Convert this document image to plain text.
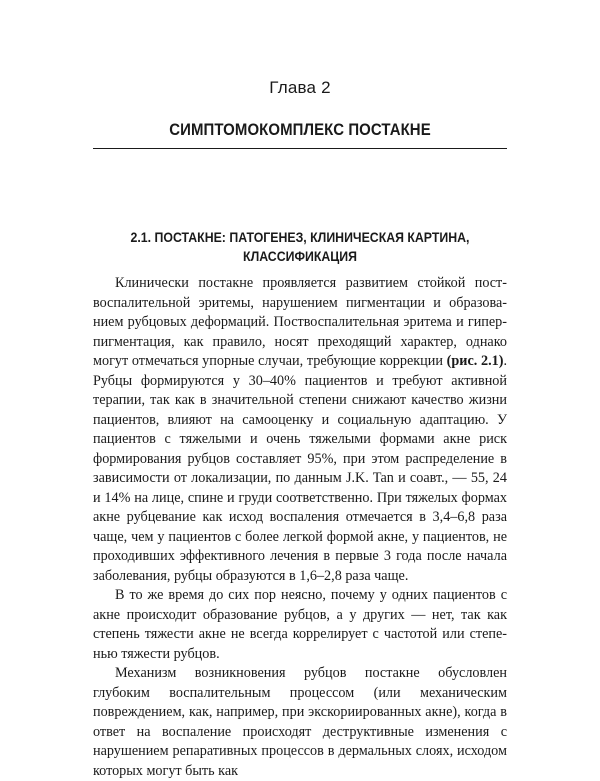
Глава 2
СИМПТОМОКОМПЛЕКС ПОСТАКНЕ
2.1. ПОСТАКНЕ: ПАТОГЕНЕЗ, КЛИНИЧЕСКАЯ КАРТИНА,
КЛАССИФИКАЦИЯ

Клинически постакне проявляется развитием стойкой поствоспалительной эритемы, нарушением пигментации и образованием рубцовых деформаций. Поствоспалительная эритема и гиперпигментация, как правило, носят преходящий характер, однако могут отмечаться упорные случаи, требующие коррекции (рис. 2.1). Рубцы формируются у 30–40% пациентов и требуют активной терапии, так как в значительной степени снижают качество жизни пациентов, влияют на самооценку и социальную адаптацию. У пациентов с тяжелыми и очень тяжелыми формами акне риск формирования рубцов составляет 95%, при этом распределение в зависимости от локализации, по данным J.K. Tan и соавт., — 55, 24 и 14% на лице, спине и груди соответственно. При тяжелых формах акне рубцевание как исход воспаления отмечается в 3,4–6,8 раза чаще, чем у пациентов с более легкой формой акне, у пациентов, не проходивших эффективного лечения в первые 3 года после начала заболевания, рубцы образуются в 1,6–2,8 раза чаще.

В то же время до сих пор неясно, почему у одних пациентов с акне происходит образование рубцов, а у других — нет, так как степень тяжести акне не всегда коррелирует с частотой или степенью тяжести рубцов.

Механизм возникновения рубцов постакне обусловлен глубоким воспалительным процессом (или механическим повреждением, как, например, при экскориированных акне), когда в ответ на воспаление происходят деструктивные изменения с нарушением репаративных процессов в дермальных слоях, исходом которых могут быть как
